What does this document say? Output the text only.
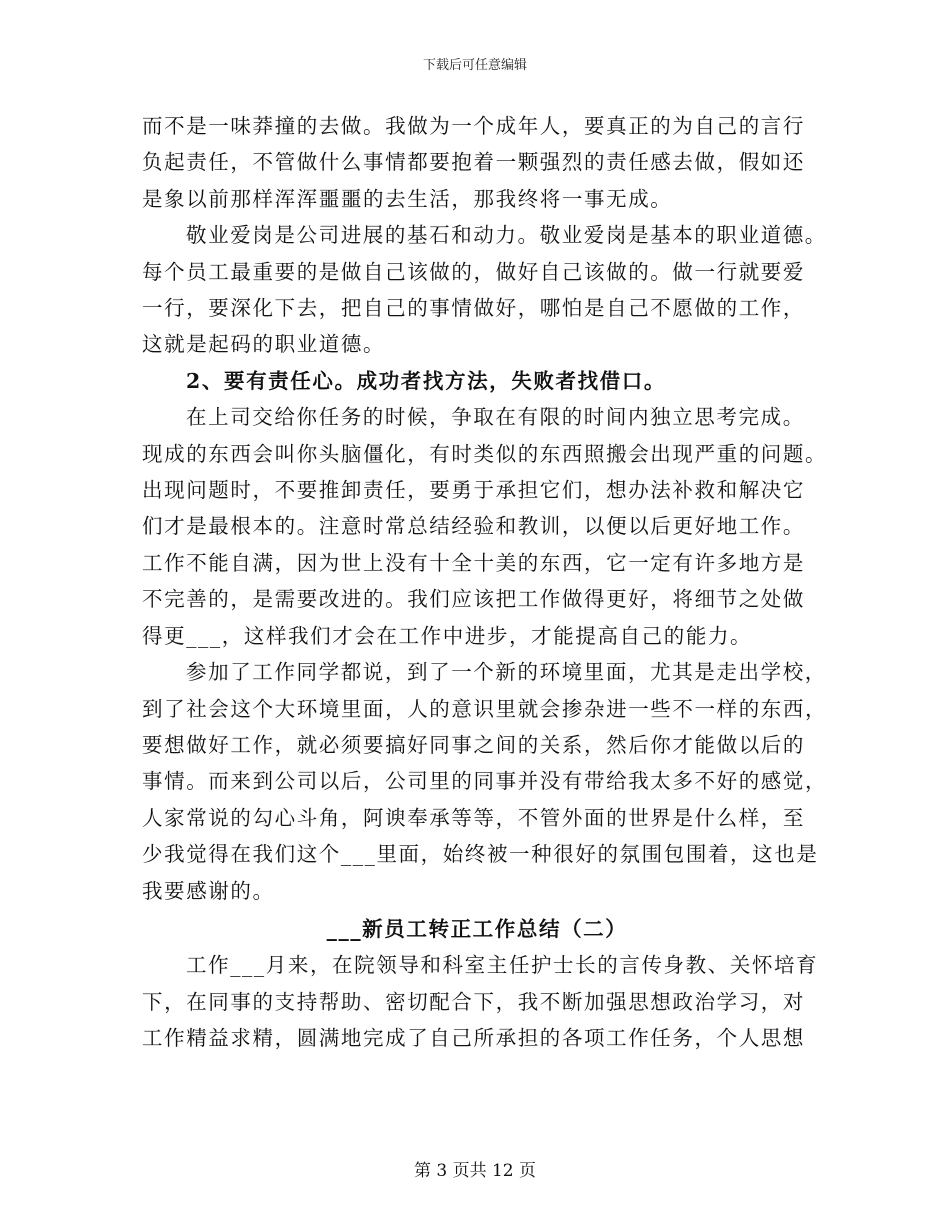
下载后可任意编辑
而不是一味莽撞的去做。我做为一个成年人，要真正的为自己的言行
负起责任，不管做什么事情都要抱着一颗强烈的责任感去做，假如还
是象以前那样浑浑噩噩的去生活，那我终将一事无成。
敬业爱岗是公司进展的基石和动力。敬业爱岗是基本的职业道德。
每个员工最重要的是做自己该做的，做好自己该做的。做一行就要爱
一行，要深化下去，把自己的事情做好，哪怕是自己不愿做的工作，
这就是起码的职业道德。
2、要有责任心。成功者找方法，失败者找借口。
在上司交给你任务的时候，争取在有限的时间内独立思考完成。
现成的东西会叫你头脑僵化，有时类似的东西照搬会出现严重的问题。
出现问题时，不要推卸责任，要勇于承担它们，想办法补救和解决它
们才是最根本的。注意时常总结经验和教训，以便以后更好地工作。
工作不能自满，因为世上没有十全十美的东西，它一定有许多地方是
不完善的，是需要改进的。我们应该把工作做得更好，将细节之处做
得更___，这样我们才会在工作中进步，才能提高自己的能力。
参加了工作同学都说，到了一个新的环境里面，尤其是走出学校，
到了社会这个大环境里面，人的意识里就会掺杂进一些不一样的东西，
要想做好工作，就必须要搞好同事之间的关系，然后你才能做以后的
事情。而来到公司以后，公司里的同事并没有带给我太多不好的感觉，
人家常说的勾心斗角，阿谀奉承等等，不管外面的世界是什么样，至
少我觉得在我们这个___里面，始终被一种很好的氛围包围着，这也是
我要感谢的。
___新员工转正工作总结（二）
工作___月来，在院领导和科室主任护士长的言传身教、关怀培育
下，在同事的支持帮助、密切配合下，我不断加强思想政治学习，对
工作精益求精，圆满地完成了自己所承担的各项工作任务，个人思想
第 3 页共 12 页
